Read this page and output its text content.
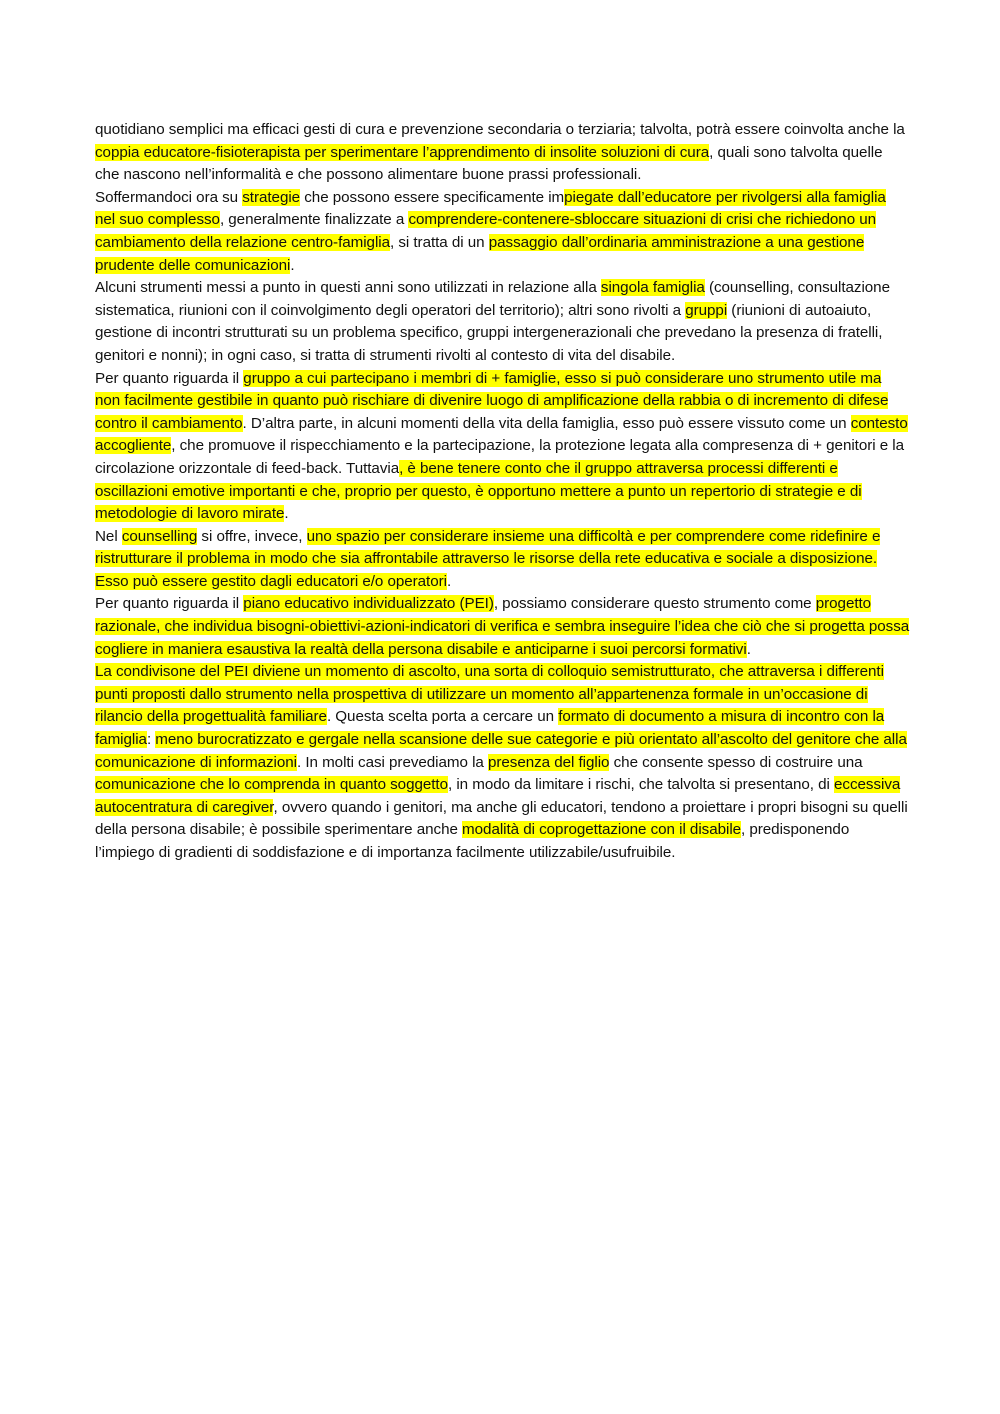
quotidiano semplici ma efficaci gesti di cura e prevenzione secondaria o terziaria; talvolta, potrà essere coinvolta anche la coppia educatore-fisioterapista per sperimentare l’apprendimento di insolite soluzioni di cura, quali sono talvolta quelle che nascono nell’informalità e che possono alimentare buone prassi professionali.

Soffermandoci ora su strategie che possono essere specificamente impiegate dall’educatore per rivolgersi alla famiglia nel suo complesso, generalmente finalizzate a comprendere-contenere-sbloccare situazioni di crisi che richiedono un cambiamento della relazione centro-famiglia, si tratta di un passaggio dall’ordinaria amministrazione a una gestione prudente delle comunicazioni.

Alcuni strumenti messi a punto in questi anni sono utilizzati in relazione alla singola famiglia (counselling, consultazione sistematica, riunioni con il coinvolgimento degli operatori del territorio); altri sono rivolti a gruppi (riunioni di autoaiuto, gestione di incontri strutturati su un problema specifico, gruppi intergenerazionali che prevedano la presenza di fratelli, genitori e nonni); in ogni caso, si tratta di strumenti rivolti al contesto di vita del disabile.

Per quanto riguarda il gruppo a cui partecipano i membri di + famiglie, esso si può considerare uno strumento utile ma non facilmente gestibile in quanto può rischiare di divenire luogo di amplificazione della rabbia o di incremento di difese contro il cambiamento. D’altra parte, in alcuni momenti della vita della famiglia, esso può essere vissuto come un contesto accogliente, che promuove il rispecchiamento e la partecipazione, la protezione legata alla compresenza di + genitori e la circolazione orizzontale di feed-back. Tuttavia, è bene tenere conto che il gruppo attraversa processi differenti e oscillazioni emotive importanti e che, proprio per questo, è opportuno mettere a punto un repertorio di strategie e di metodologie di lavoro mirate.

Nel counselling si offre, invece, uno spazio per considerare insieme una difficoltà e per comprendere come ridefinire e ristrutturare il problema in modo che sia affrontabile attraverso le risorse della rete educativa e sociale a disposizione. Esso può essere gestito dagli educatori e/o operatori.

Per quanto riguarda il piano educativo individualizzato (PEI), possiamo considerare questo strumento come progetto razionale, che individua bisogni-obiettivi-azioni-indicatori di verifica e sembra inseguire l’idea che ciò che si progetta possa cogliere in maniera esaustiva la realtà della persona disabile e anticiparne i suoi percorsi formativi.

La condivisone del PEI diviene un momento di ascolto, una sorta di colloquio semistrutturato, che attraversa i differenti punti proposti dallo strumento nella prospettiva di utilizzare un momento all’appartenenza formale in un’occasione di rilancio della progettualità familiare. Questa scelta porta a cercare un formato di documento a misura di incontro con la famiglia: meno burocratizzato e gergale nella scansione delle sue categorie e più orientato all’ascolto del genitore che alla comunicazione di informazioni. In molti casi prevediamo la presenza del figlio che consente spesso di costruire una comunicazione che lo comprenda in quanto soggetto, in modo da limitare i rischi, che talvolta si presentano, di eccessiva autocentratura di caregiver, ovvero quando i genitori, ma anche gli educatori, tendono a proiettare i propri bisogni su quelli della persona disabile; è possibile sperimentare anche modalità di coprogettazione con il disabile, predisponendo l’impiego di gradienti di soddisfazione e di importanza facilmente utilizzabile/usufruibile.
